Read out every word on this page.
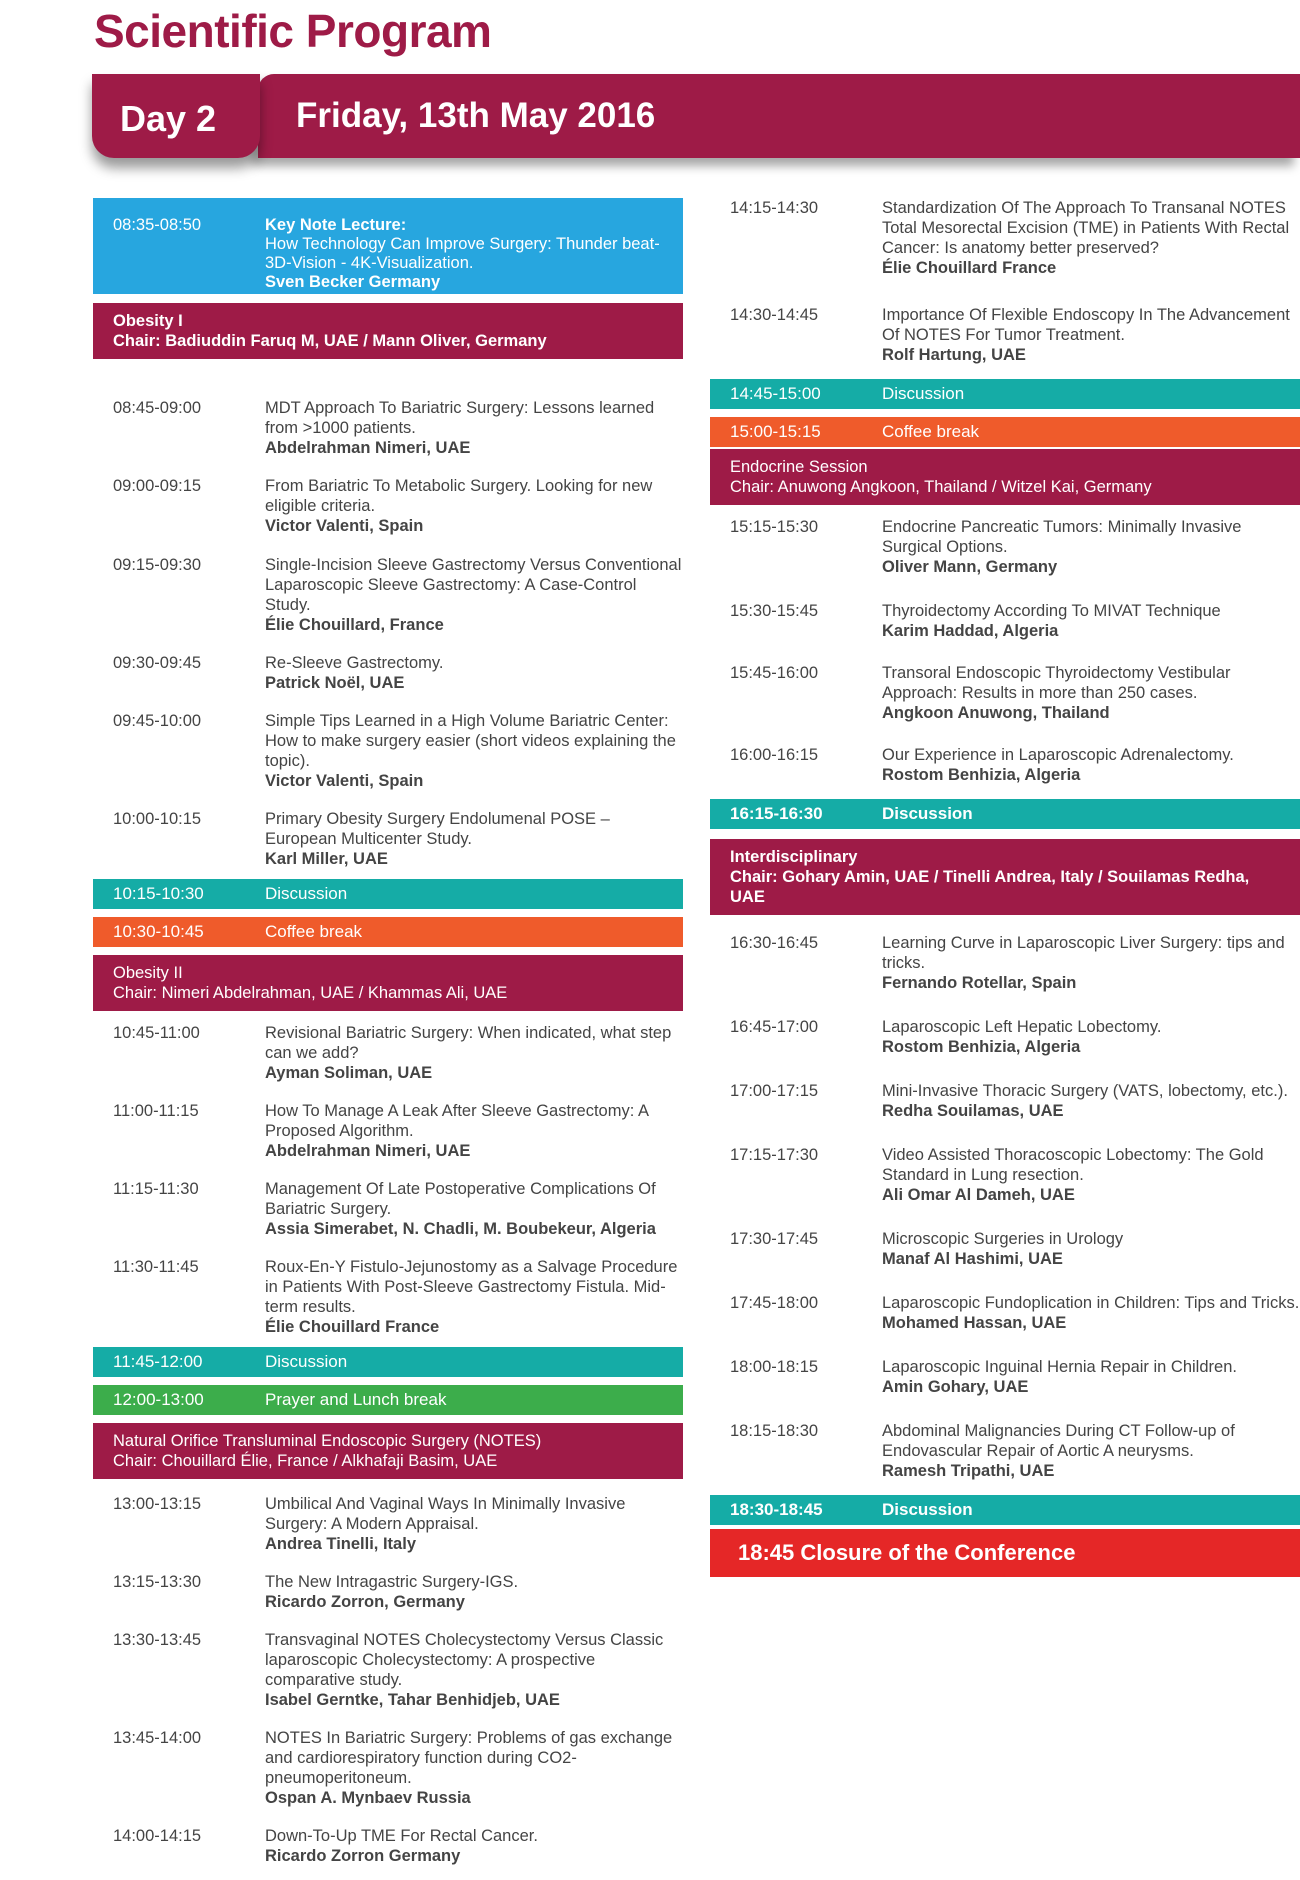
Scientific Program
Day 2 Friday, 13th May 2016
08:35-08:50	Key Note Lecture:
How Technology Can Improve Surgery: Thunder beat- 3D-Vision - 4K-Visualization.
Sven Becker Germany
Obesity I
Chair: Badiuddin Faruq M, UAE / Mann Oliver, Germany
08:45-09:00	MDT Approach To Bariatric Surgery: Lessons learned from >1000 patients.
Abdelrahman Nimeri, UAE
09:00-09:15	From Bariatric To Metabolic Surgery. Looking for new eligible criteria.
Victor Valenti, Spain
09:15-09:30	Single-Incision Sleeve Gastrectomy Versus Conventional Laparoscopic Sleeve Gastrectomy: A Case-Control Study.
Élie Chouillard, France
09:30-09:45	Re-Sleeve Gastrectomy.
Patrick Noël, UAE
09:45-10:00	Simple Tips Learned in a High Volume Bariatric Center: How to make surgery easier (short videos explaining the topic).
Victor Valenti, Spain
10:00-10:15	Primary Obesity Surgery Endolumenal POSE – European Multicenter Study.
Karl Miller, UAE
10:15-10:30	Discussion
10:30-10:45	Coffee break
Obesity II
Chair: Nimeri Abdelrahman, UAE / Khammas Ali, UAE
10:45-11:00	Revisional Bariatric Surgery: When indicated, what step can we add?
Ayman Soliman, UAE
11:00-11:15	How To Manage A Leak After Sleeve Gastrectomy: A Proposed Algorithm.
Abdelrahman Nimeri, UAE
11:15-11:30	Management Of Late Postoperative Complications Of Bariatric Surgery.
Assia Simerabet, N. Chadli, M. Boubekeur, Algeria
11:30-11:45	Roux-En-Y Fistulo-Jejunostomy as a Salvage Procedure in Patients With Post-Sleeve Gastrectomy Fistula. Mid-term results.
Élie Chouillard France
11:45-12:00	Discussion
12:00-13:00	Prayer and Lunch break
Natural Orifice Transluminal Endoscopic Surgery (NOTES)
Chair: Chouillard Élie, France / Alkhafaji Basim, UAE
13:00-13:15	Umbilical And Vaginal Ways In Minimally Invasive Surgery: A Modern Appraisal.
Andrea Tinelli, Italy
13:15-13:30	The New Intragastric Surgery-IGS.
Ricardo Zorron, Germany
13:30-13:45	Transvaginal NOTES Cholecystectomy Versus Classic laparoscopic Cholecystectomy: A prospective comparative study.
Isabel Gerntke, Tahar Benhidjeb, UAE
13:45-14:00	NOTES In Bariatric Surgery: Problems of gas exchange and cardiorespiratory function during CO2-pneumoperitoneum.
Ospan A. Mynbaev Russia
14:00-14:15	Down-To-Up TME For Rectal Cancer.
Ricardo Zorron Germany
14:15-14:30	Standardization Of The Approach To Transanal NOTES Total Mesorectal Excision (TME) in Patients With Rectal Cancer: Is anatomy better preserved?
Élie Chouillard France
14:30-14:45	Importance Of Flexible Endoscopy In The Advancement Of NOTES For Tumor Treatment.
Rolf Hartung, UAE
14:45-15:00	Discussion
15:00-15:15	Coffee break
Endocrine Session
Chair: Anuwong Angkoon, Thailand / Witzel Kai, Germany
15:15-15:30	Endocrine Pancreatic Tumors: Minimally Invasive Surgical Options.
Oliver Mann, Germany
15:30-15:45	Thyroidectomy According To MIVAT Technique
Karim Haddad, Algeria
15:45-16:00	Transoral Endoscopic Thyroidectomy Vestibular Approach: Results in more than 250 cases.
Angkoon Anuwong, Thailand
16:00-16:15	Our Experience in Laparoscopic Adrenalectomy.
Rostom Benhizia, Algeria
16:15-16:30	Discussion
Interdisciplinary
Chair: Gohary Amin, UAE / Tinelli Andrea, Italy / Souilamas Redha, UAE
16:30-16:45	Learning Curve in Laparoscopic Liver Surgery: tips and tricks.
Fernando Rotellar, Spain
16:45-17:00	Laparoscopic Left Hepatic Lobectomy.
Rostom Benhizia, Algeria
17:00-17:15	Mini-Invasive Thoracic Surgery (VATS, lobectomy, etc.).
Redha Souilamas, UAE
17:15-17:30	Video Assisted Thoracoscopic Lobectomy: The Gold Standard in Lung resection.
Ali Omar Al Dameh, UAE
17:30-17:45	Microscopic Surgeries in Urology
Manaf Al Hashimi, UAE
17:45-18:00	Laparoscopic Fundoplication in Children: Tips and Tricks.
Mohamed Hassan, UAE
18:00-18:15	Laparoscopic Inguinal Hernia Repair in Children.
Amin Gohary, UAE
18:15-18:30	Abdominal Malignancies During CT Follow-up of Endovascular Repair of Aortic A neurysms.
Ramesh Tripathi, UAE
18:30-18:45	Discussion
18:45 Closure of the Conference
